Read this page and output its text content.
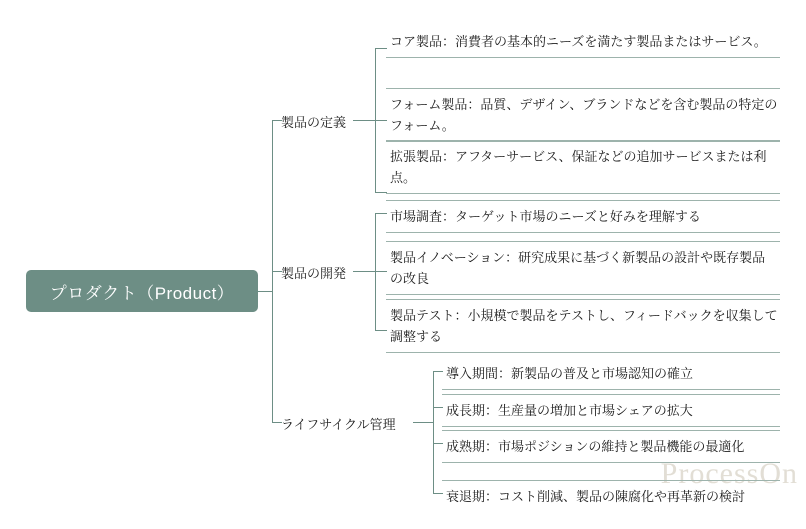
ProcessOn
プロダクト（Product）
製品の定義
製品の開発
ライフサイクル管理
コア製品：消費者の基本的ニーズを満たす製品またはサービス。
フォーム製品：品質、デザイン、ブランドなどを含む製品の特定のフォーム。
拡張製品：アフターサービス、保証などの追加サービスまたは利点。
市場調査：ターゲット市場のニーズと好みを理解する
製品イノベーション：研究成果に基づく新製品の設計や既存製品の改良
製品テスト：小規模で製品をテストし、フィードバックを収集して調整する
導入期間：新製品の普及と市場認知の確立
成長期：生産量の増加と市場シェアの拡大
成熟期：市場ポジションの維持と製品機能の最適化
衰退期：コスト削減、製品の陳腐化や再革新の検討
